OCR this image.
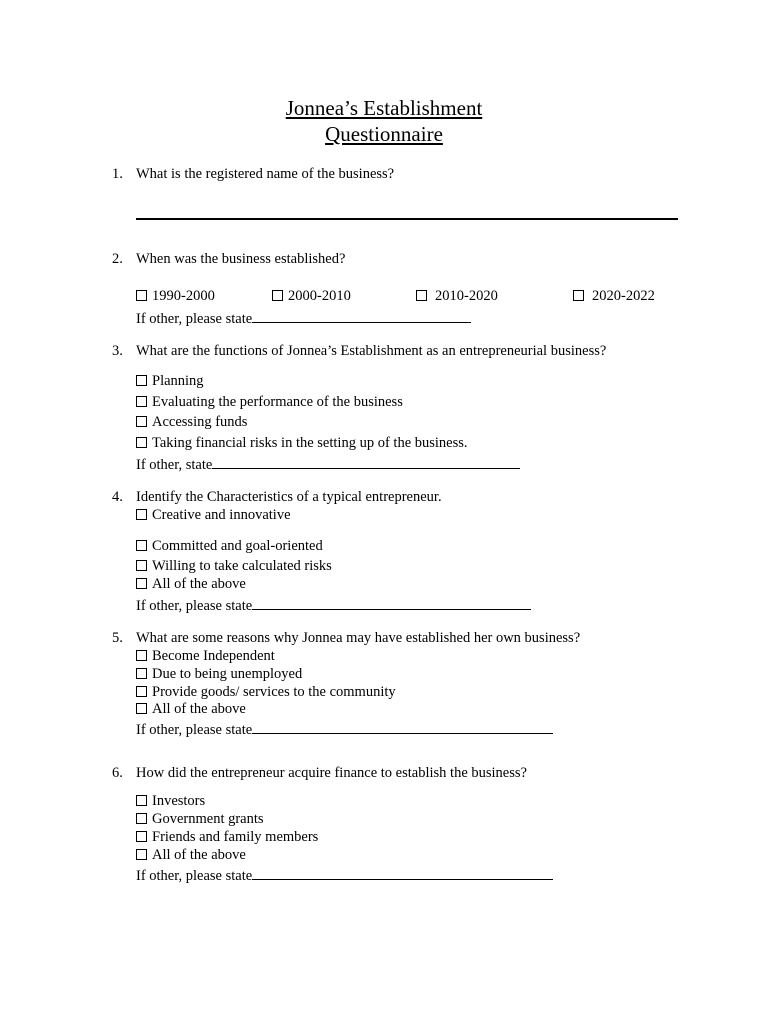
Jonnea’s Establishment
Questionnaire
1. What is the registered name of the business?
2. When was the business established?
1990-2000	2000-2010	2010-2020	2020-2022
If other, please state
3. What are the functions of Jonnea’s Establishment as an entrepreneurial business?
Planning
Evaluating the performance of the business
Accessing funds
Taking financial risks in the setting up of the business.
If other, state
4. Identify the Characteristics of a typical entrepreneur.
Creative and innovative
Committed and goal-oriented
Willing to take calculated risks
All of the above
If other, please state
5. What are some reasons why Jonnea may have established her own business?
Become Independent
Due to being unemployed
Provide goods/ services to the community
All of the above
If other, please state
6. How did the entrepreneur acquire finance to establish the business?
Investors
Government grants
Friends and family members
All of the above
If other, please state
